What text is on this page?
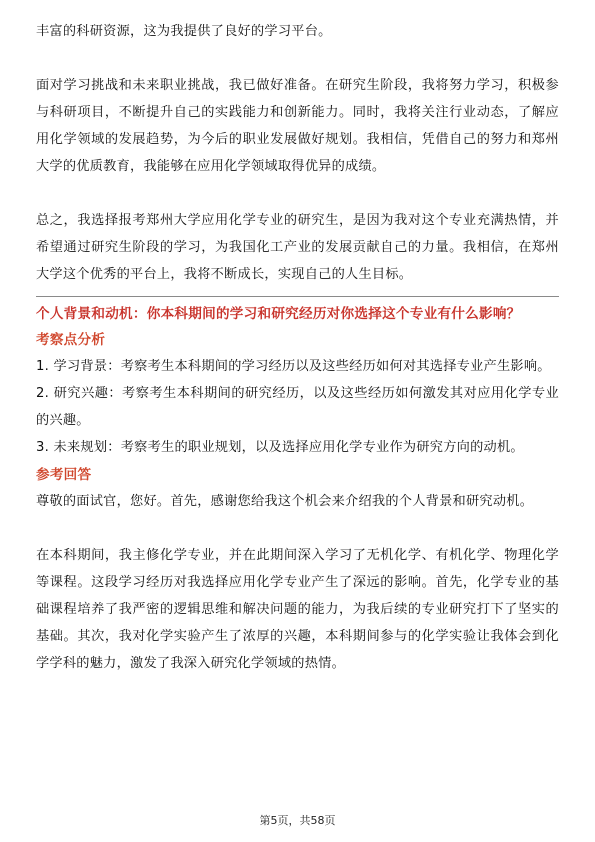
丰富的科研资源，这为我提供了良好的学习平台。

面对学习挑战和未来职业挑战，我已做好准备。在研究生阶段，我将努力学习，积极参与科研项目，不断提升自己的实践能力和创新能力。同时，我将关注行业动态，了解应用化学领域的发展趋势，为今后的职业发展做好规划。我相信，凭借自己的努力和郑州大学的优质教育，我能够在应用化学领域取得优异的成绩。

总之，我选择报考郑州大学应用化学专业的研究生，是因为我对这个专业充满热情，并希望通过研究生阶段的学习，为我国化工产业的发展贡献自己的力量。我相信，在郑州大学这个优秀的平台上，我将不断成长，实现自己的人生目标。

个人背景和动机：你本科期间的学习和研究经历对你选择这个专业有什么影响？
考察点分析

1. 学习背景：考察考生本科期间的学习经历以及这些经历如何对其选择专业产生影响。

2. 研究兴趣：考察考生本科期间的研究经历，以及这些经历如何激发其对应用化学专业的兴趣。

3. 未来规划：考察考生的职业规划，以及选择应用化学专业作为研究方向的动机。

参考回答

尊敬的面试官，您好。首先，感谢您给我这个机会来介绍我的个人背景和研究动机。

在本科期间，我主修化学专业，并在此期间深入学习了无机化学、有机化学、物理化学等课程。这段学习经历对我选择应用化学专业产生了深远的影响。首先，化学专业的基础课程培养了我严密的逻辑思维和解决问题的能力，为我后续的专业研究打下了坚实的基础。其次，我对化学实验产生了浓厚的兴趣，本科期间参与的化学实验让我体会到化学学科的魅力，激发了我深入研究化学领域的热情。

第5页，共58页
